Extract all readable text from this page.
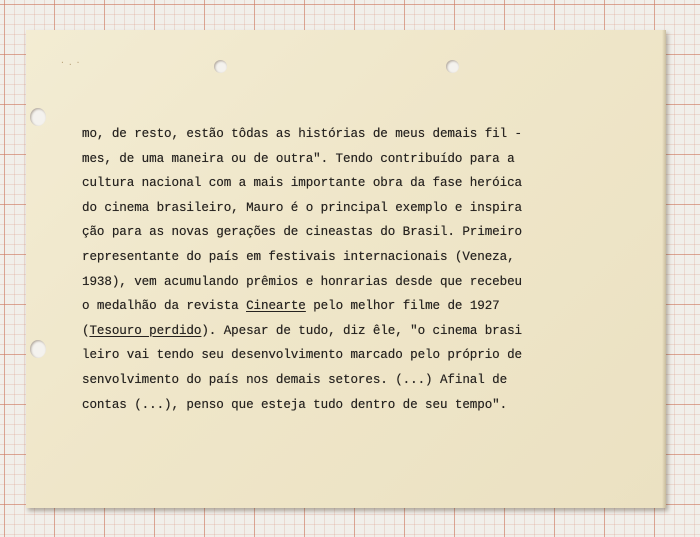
·.·
mo, de resto, estão tôdas as histórias de meus demais fil -
mes, de uma maneira ou de outra". Tendo contribuído para a
cultura nacional com a mais importante obra da fase heróica
do cinema brasileiro, Mauro é o principal exemplo e inspira
ção para as novas gerações de cineastas do Brasil. Primeiro
representante do país em festivais internacionais (Veneza,
1938), vem acumulando prêmios e honrarias desde que recebeu
o medalhão da revista Cinearte pelo melhor filme de 1927
(Tesouro perdido). Apesar de tudo, diz êle, "o cinema brasi
leiro vai tendo seu desenvolvimento marcado pelo próprio de
senvolvimento do país nos demais setores. (...) Afinal de
contas (...), penso que esteja tudo dentro de seu tempo".
